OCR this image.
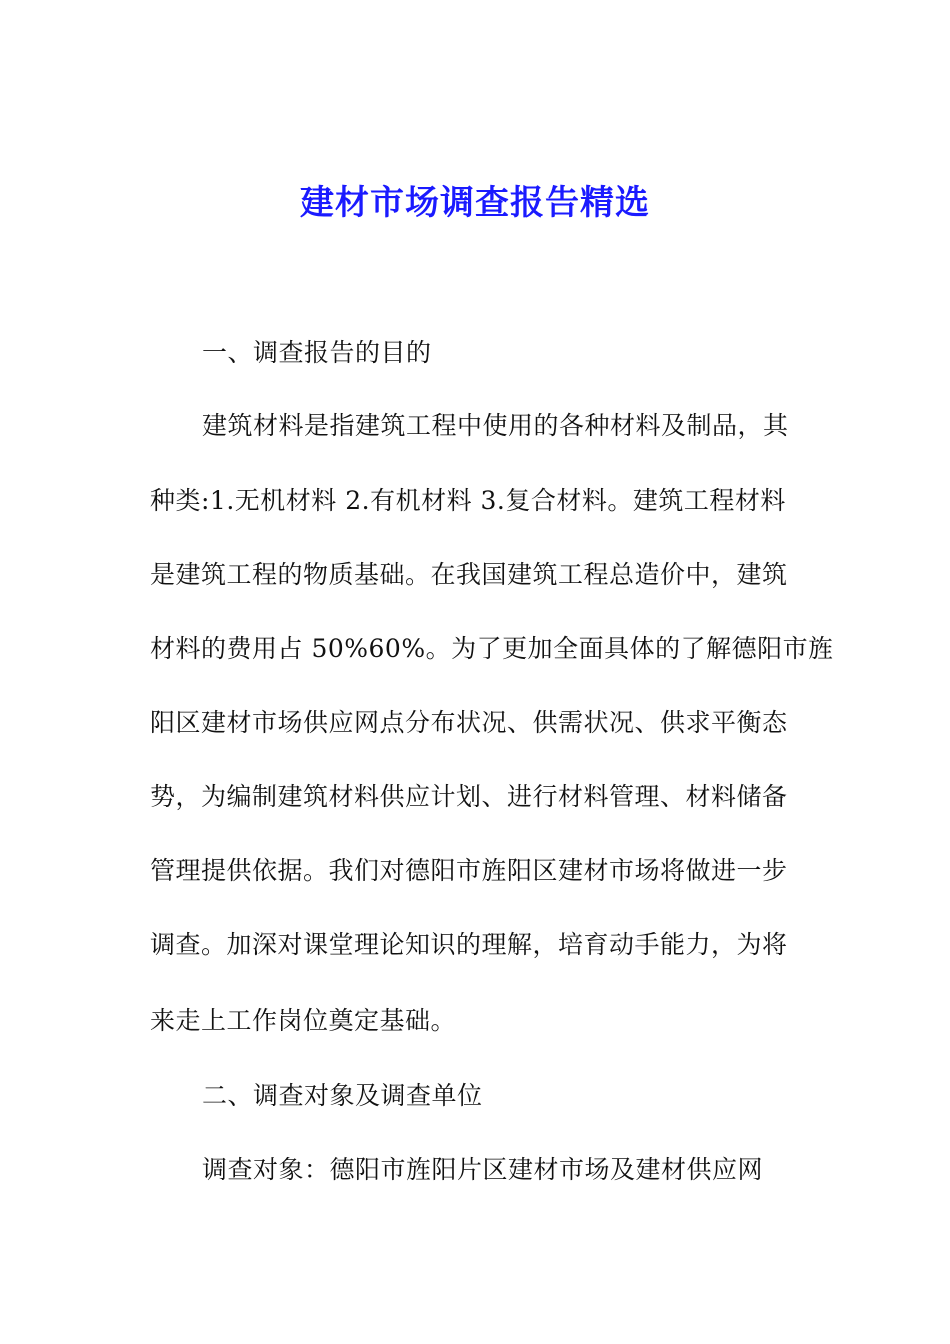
建材市场调查报告精选
一、调查报告的目的
建筑材料是指建筑工程中使用的各种材料及制品，其
种类:1.无机材料 2.有机材料 3.复合材料。建筑工程材料
是建筑工程的物质基础。在我国建筑工程总造价中，建筑
材料的费用占 50%60%。为了更加全面具体的了解德阳市旌
阳区建材市场供应网点分布状况、供需状况、供求平衡态
势，为编制建筑材料供应计划、进行材料管理、材料储备
管理提供依据。我们对德阳市旌阳区建材市场将做进一步
调查。加深对课堂理论知识的理解，培育动手能力，为将
来走上工作岗位奠定基础。
二、调查对象及调查单位
调查对象：德阳市旌阳片区建材市场及建材供应网
